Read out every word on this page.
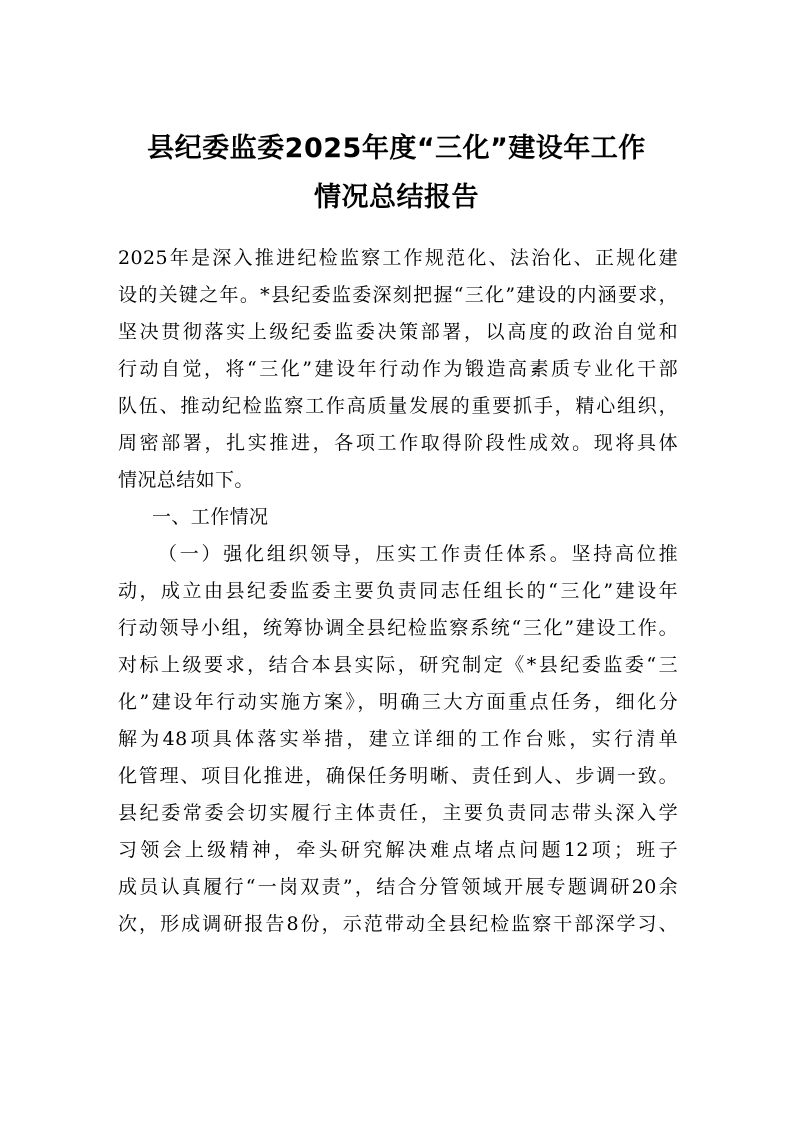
县纪委监委2025年度“三化”建设年工作
情况总结报告
2025年是深入推进纪检监察工作规范化、法治化、正规化建
设的关键之年。*县纪委监委深刻把握“三化”建设的内涵要求，
坚决贯彻落实上级纪委监委决策部署，以高度的政治自觉和
行动自觉，将“三化”建设年行动作为锻造高素质专业化干部
队伍、推动纪检监察工作高质量发展的重要抓手，精心组织，
周密部署，扎实推进，各项工作取得阶段性成效。现将具体
情况总结如下。
一、工作情况
（一）强化组织领导，压实工作责任体系。坚持高位推
动，成立由县纪委监委主要负责同志任组长的“三化”建设年
行动领导小组，统筹协调全县纪检监察系统“三化”建设工作。
对标上级要求，结合本县实际，研究制定《*县纪委监委“三
化”建设年行动实施方案》，明确三大方面重点任务，细化分
解为48项具体落实举措，建立详细的工作台账，实行清单
化管理、项目化推进，确保任务明晰、责任到人、步调一致。
县纪委常委会切实履行主体责任，主要负责同志带头深入学
习领会上级精神，牵头研究解决难点堵点问题12项；班子
成员认真履行“一岗双责”，结合分管领域开展专题调研20余
次，形成调研报告8份，示范带动全县纪检监察干部深学习、
